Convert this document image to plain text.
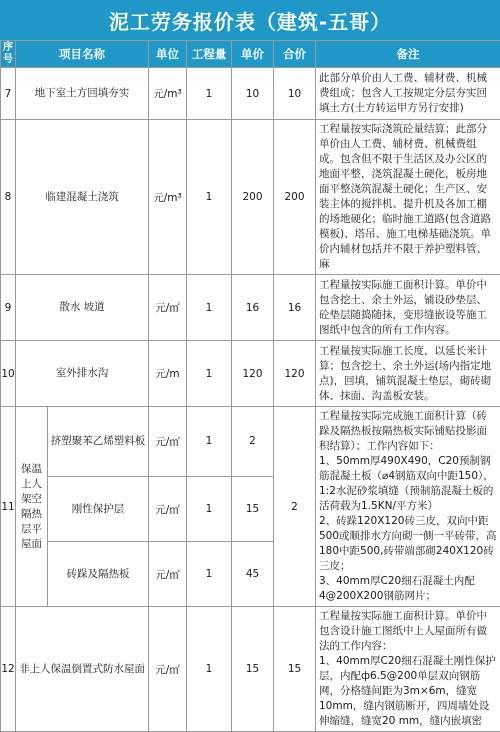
泥工劳务报价表（建筑-五哥）
序号	项目名称		单位	工程量	单价	合价	备注
7	地下室土方回填夯实		元/m³	1	10	10	此部分单价由人工费、辅材费、机械费组成；包含人工按规定分层夯实回填土方(土方转运甲方另行安排)
8	临建混凝土浇筑		元/m³	1	200	200	工程量按实际浇筑砼量结算；此部分单价由人工费、辅材费、机械费组成。包含但不限于生活区及办公区的地面平整，浇筑混凝土硬化，板房地面平整浇筑混凝土硬化；生产区、安装主体的搅拌机、提升机及各加工棚的场地硬化；临时施工道路(包含道路模板)、塔吊、施工电梯基础浇筑。单价内辅材包括并不限于养护塑料管、麻
9	散水 坡道		元/㎡	1	16	16	工程量按实际施工面积计算。单价中包含挖土、余土外运，铺设砂垫层、砼垫层随捣随抹，变形缝嵌设等施工图纸中包含的所有工作内容。
10	室外排水沟		元/m	1	120	120	工程量按实际施工长度，以延长米计算；包含挖土、余土外运(场内指定地点)，回填，铺筑混凝土垫层，砌砖砌体、抹面、沟盖板安装。
11	保温上人架空隔热层平屋面	挤塑聚苯乙烯塑料板	元/㎡	1	2	2	工程量按实际完成施工面积计算（砖跺及隔热板按隔热板实际铺贴投影面积结算）；工作内容如下：
1、50mm厚490X490，C20预制钢筋混凝土板（⌀4钢筋双向中距150），1:2水泥砂浆填缝（预制筋混凝土板的活荷载为1.5KN/平方米）
2、砖跺120X120砖三皮，双向中距500或顺排水方向砌一侧一平砖带，高180中距500,砖带端部砌240X120砖三皮；
3、40mm厚C20细石混凝土内配4@200X200钢筋网片；
		刚性保护层	元/㎡	1	15		
		砖跺及隔热板	元/㎡	1	45		
12	非上人保温倒置式防水屋面		元/㎡	1	15	15	工程量按实际施工面积计算。单价中包含设计施工图纸中上人屋面所有做法的工作内容：
1、40mm厚C20细石混凝土刚性保护层，内配ф6.5@200单层双向钢筋网，分格缝间距为3m×6m，缝宽10mm，缝内钢筋断开，四周墙处设伸缩缝，缝宽20 mm，缝内嵌填密
